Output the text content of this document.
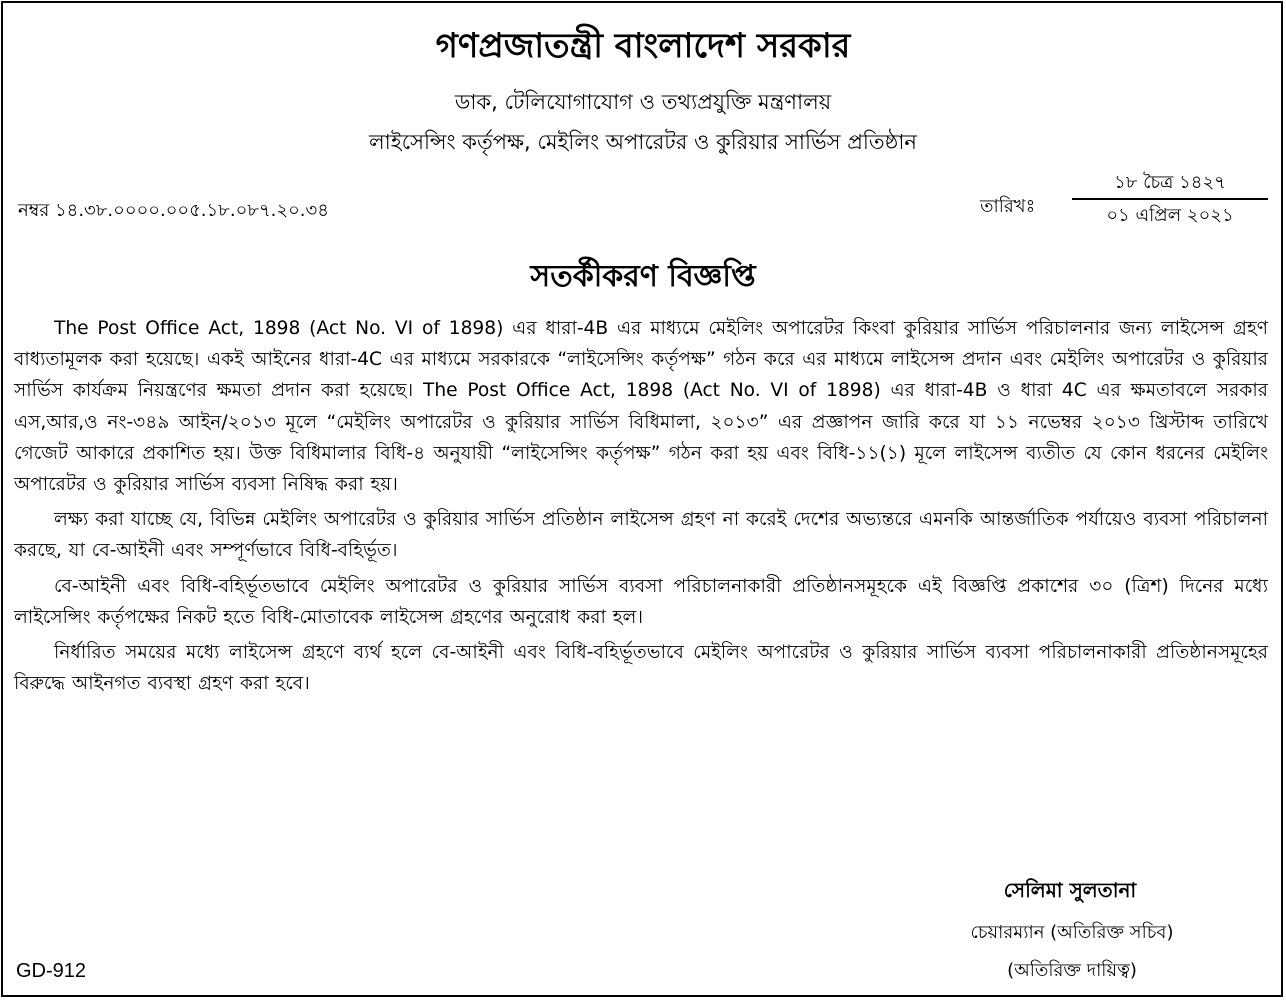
গণপ্রজাতন্ত্রী বাংলাদেশ সরকার
ডাক, টেলিযোগাযোগ ও তথ্যপ্রযুক্তি মন্ত্রণালয়
লাইসেন্সিং কর্তৃপক্ষ, মেইলিং অপারেটর ও কুরিয়ার সার্ভিস প্রতিষ্ঠান
নম্বর ১৪.৩৮.০০০০.০০৫.১৮.০৮৭.২০.৩৪	তারিখঃ
১৮ চৈত্র ১৪২৭
০১ এপ্রিল ২০২১
সতর্কীকরণ বিজ্ঞপ্তি

The Post Office Act, 1898 (Act No. VI of 1898) এর ধারা-4B এর মাধ্যমে মেইলিং অপারেটর কিংবা কুরিয়ার সার্ভিস পরিচালনার জন্য লাইসেন্স গ্রহণ বাধ্যতামূলক করা হয়েছে। একই আইনের ধারা-4C এর মাধ্যমে সরকারকে “লাইসেন্সিং কর্তৃপক্ষ” গঠন করে এর মাধ্যমে লাইসেন্স প্রদান এবং মেইলিং অপারেটর ও কুরিয়ার সার্ভিস কার্যক্রম নিয়ন্ত্রণের ক্ষমতা প্রদান করা হয়েছে। The Post Office Act, 1898 (Act No. VI of 1898) এর ধারা-4B ও ধারা 4C এর ক্ষমতাবলে সরকার এস,আর,ও নং-৩৪৯ আইন/২০১৩ মূলে “মেইলিং অপারেটর ও কুরিয়ার সার্ভিস বিধিমালা, ২০১৩” এর প্রজ্ঞাপন জারি করে যা ১১ নভেম্বর ২০১৩ খ্রিস্টাব্দ তারিখে গেজেট আকারে প্রকাশিত হয়। উক্ত বিধিমালার বিধি-৪ অনুযায়ী “লাইসেন্সিং কর্তৃপক্ষ” গঠন করা হয় এবং বিধি-১১(১) মূলে লাইসেন্স ব্যতীত যে কোন ধরনের মেইলিং অপারেটর ও কুরিয়ার সার্ভিস ব্যবসা নিষিদ্ধ করা হয়।

লক্ষ্য করা যাচ্ছে যে, বিভিন্ন মেইলিং অপারেটর ও কুরিয়ার সার্ভিস প্রতিষ্ঠান লাইসেন্স গ্রহণ না করেই দেশের অভ্যন্তরে এমনকি আন্তর্জাতিক পর্যায়েও ব্যবসা পরিচালনা করছে, যা বে-আইনী এবং সম্পূর্ণভাবে বিধি-বহির্ভূত।

বে-আইনী এবং বিধি-বহির্ভূতভাবে মেইলিং অপারেটর ও কুরিয়ার সার্ভিস ব্যবসা পরিচালনাকারী প্রতিষ্ঠানসমূহকে এই বিজ্ঞপ্তি প্রকাশের ৩০ (ত্রিশ) দিনের মধ্যে লাইসেন্সিং কর্তৃপক্ষের নিকট হতে বিধি-মোতাবেক লাইসেন্স গ্রহণের অনুরোধ করা হল।

নির্ধারিত সময়ের মধ্যে লাইসেন্স গ্রহণে ব্যর্থ হলে বে-আইনী এবং বিধি-বহির্ভূতভাবে মেইলিং অপারেটর ও কুরিয়ার সার্ভিস ব্যবসা পরিচালনাকারী প্রতিষ্ঠানসমূহের বিরুদ্ধে আইনগত ব্যবস্থা গ্রহণ করা হবে।

সেলিমা সুলতানা
চেয়ারম্যান (অতিরিক্ত সচিব)
(অতিরিক্ত দায়িত্ব)
GD-912
